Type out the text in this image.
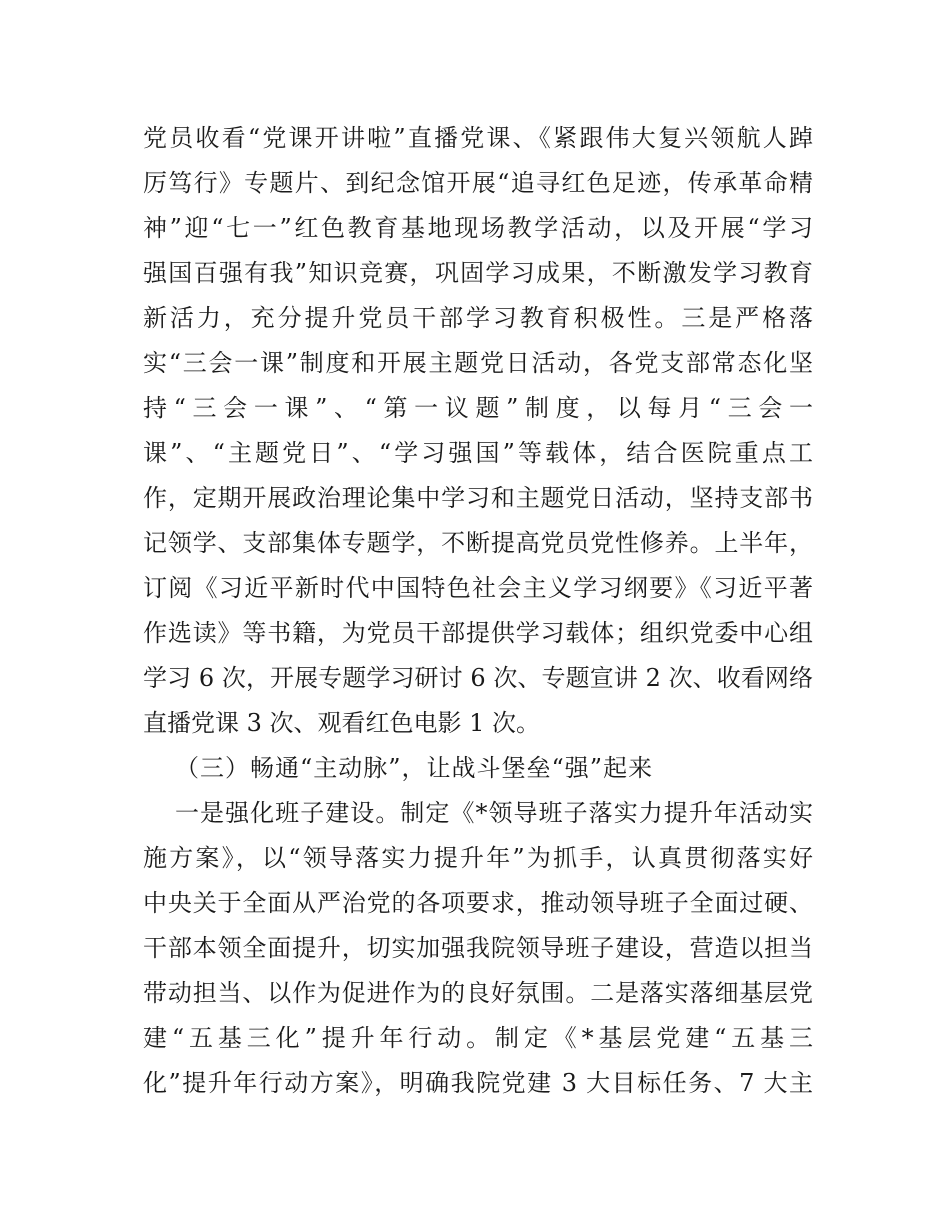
党员收看“党课开讲啦”直播党课、《紧跟伟大复兴领航人踔
厉笃行》专题片、到纪念馆开展“追寻红色足迹，传承革命精
神”迎“七一”红色教育基地现场教学活动，以及开展“学习
强国百强有我”知识竞赛，巩固学习成果，不断激发学习教育
新活力，充分提升党员干部学习教育积极性。三是严格落
实“三会一课”制度和开展主题党日活动，各党支部常态化坚
持“三会一课”、“第一议题”制度，以每月“三会一
课”、“主题党日”、“学习强国”等载体，结合医院重点工
作，定期开展政治理论集中学习和主题党日活动，坚持支部书
记领学、支部集体专题学，不断提高党员党性修养。上半年，
订阅《习近平新时代中国特色社会主义学习纲要》《习近平著
作选读》等书籍，为党员干部提供学习载体；组织党委中心组
学习 6 次，开展专题学习研讨 6 次、专题宣讲 2 次、收看网络
直播党课 3 次、观看红色电影 1 次。
（三）畅通“主动脉”，让战斗堡垒“强”起来
一是强化班子建设。制定《*领导班子落实力提升年活动实
施方案》，以“领导落实力提升年”为抓手，认真贯彻落实好
中央关于全面从严治党的各项要求，推动领导班子全面过硬、
干部本领全面提升，切实加强我院领导班子建设，营造以担当
带动担当、以作为促进作为的良好氛围。二是落实落细基层党
建“五基三化”提升年行动。制定《*基层党建“五基三
化”提升年行动方案》，明确我院党建 3 大目标任务、7 大主
